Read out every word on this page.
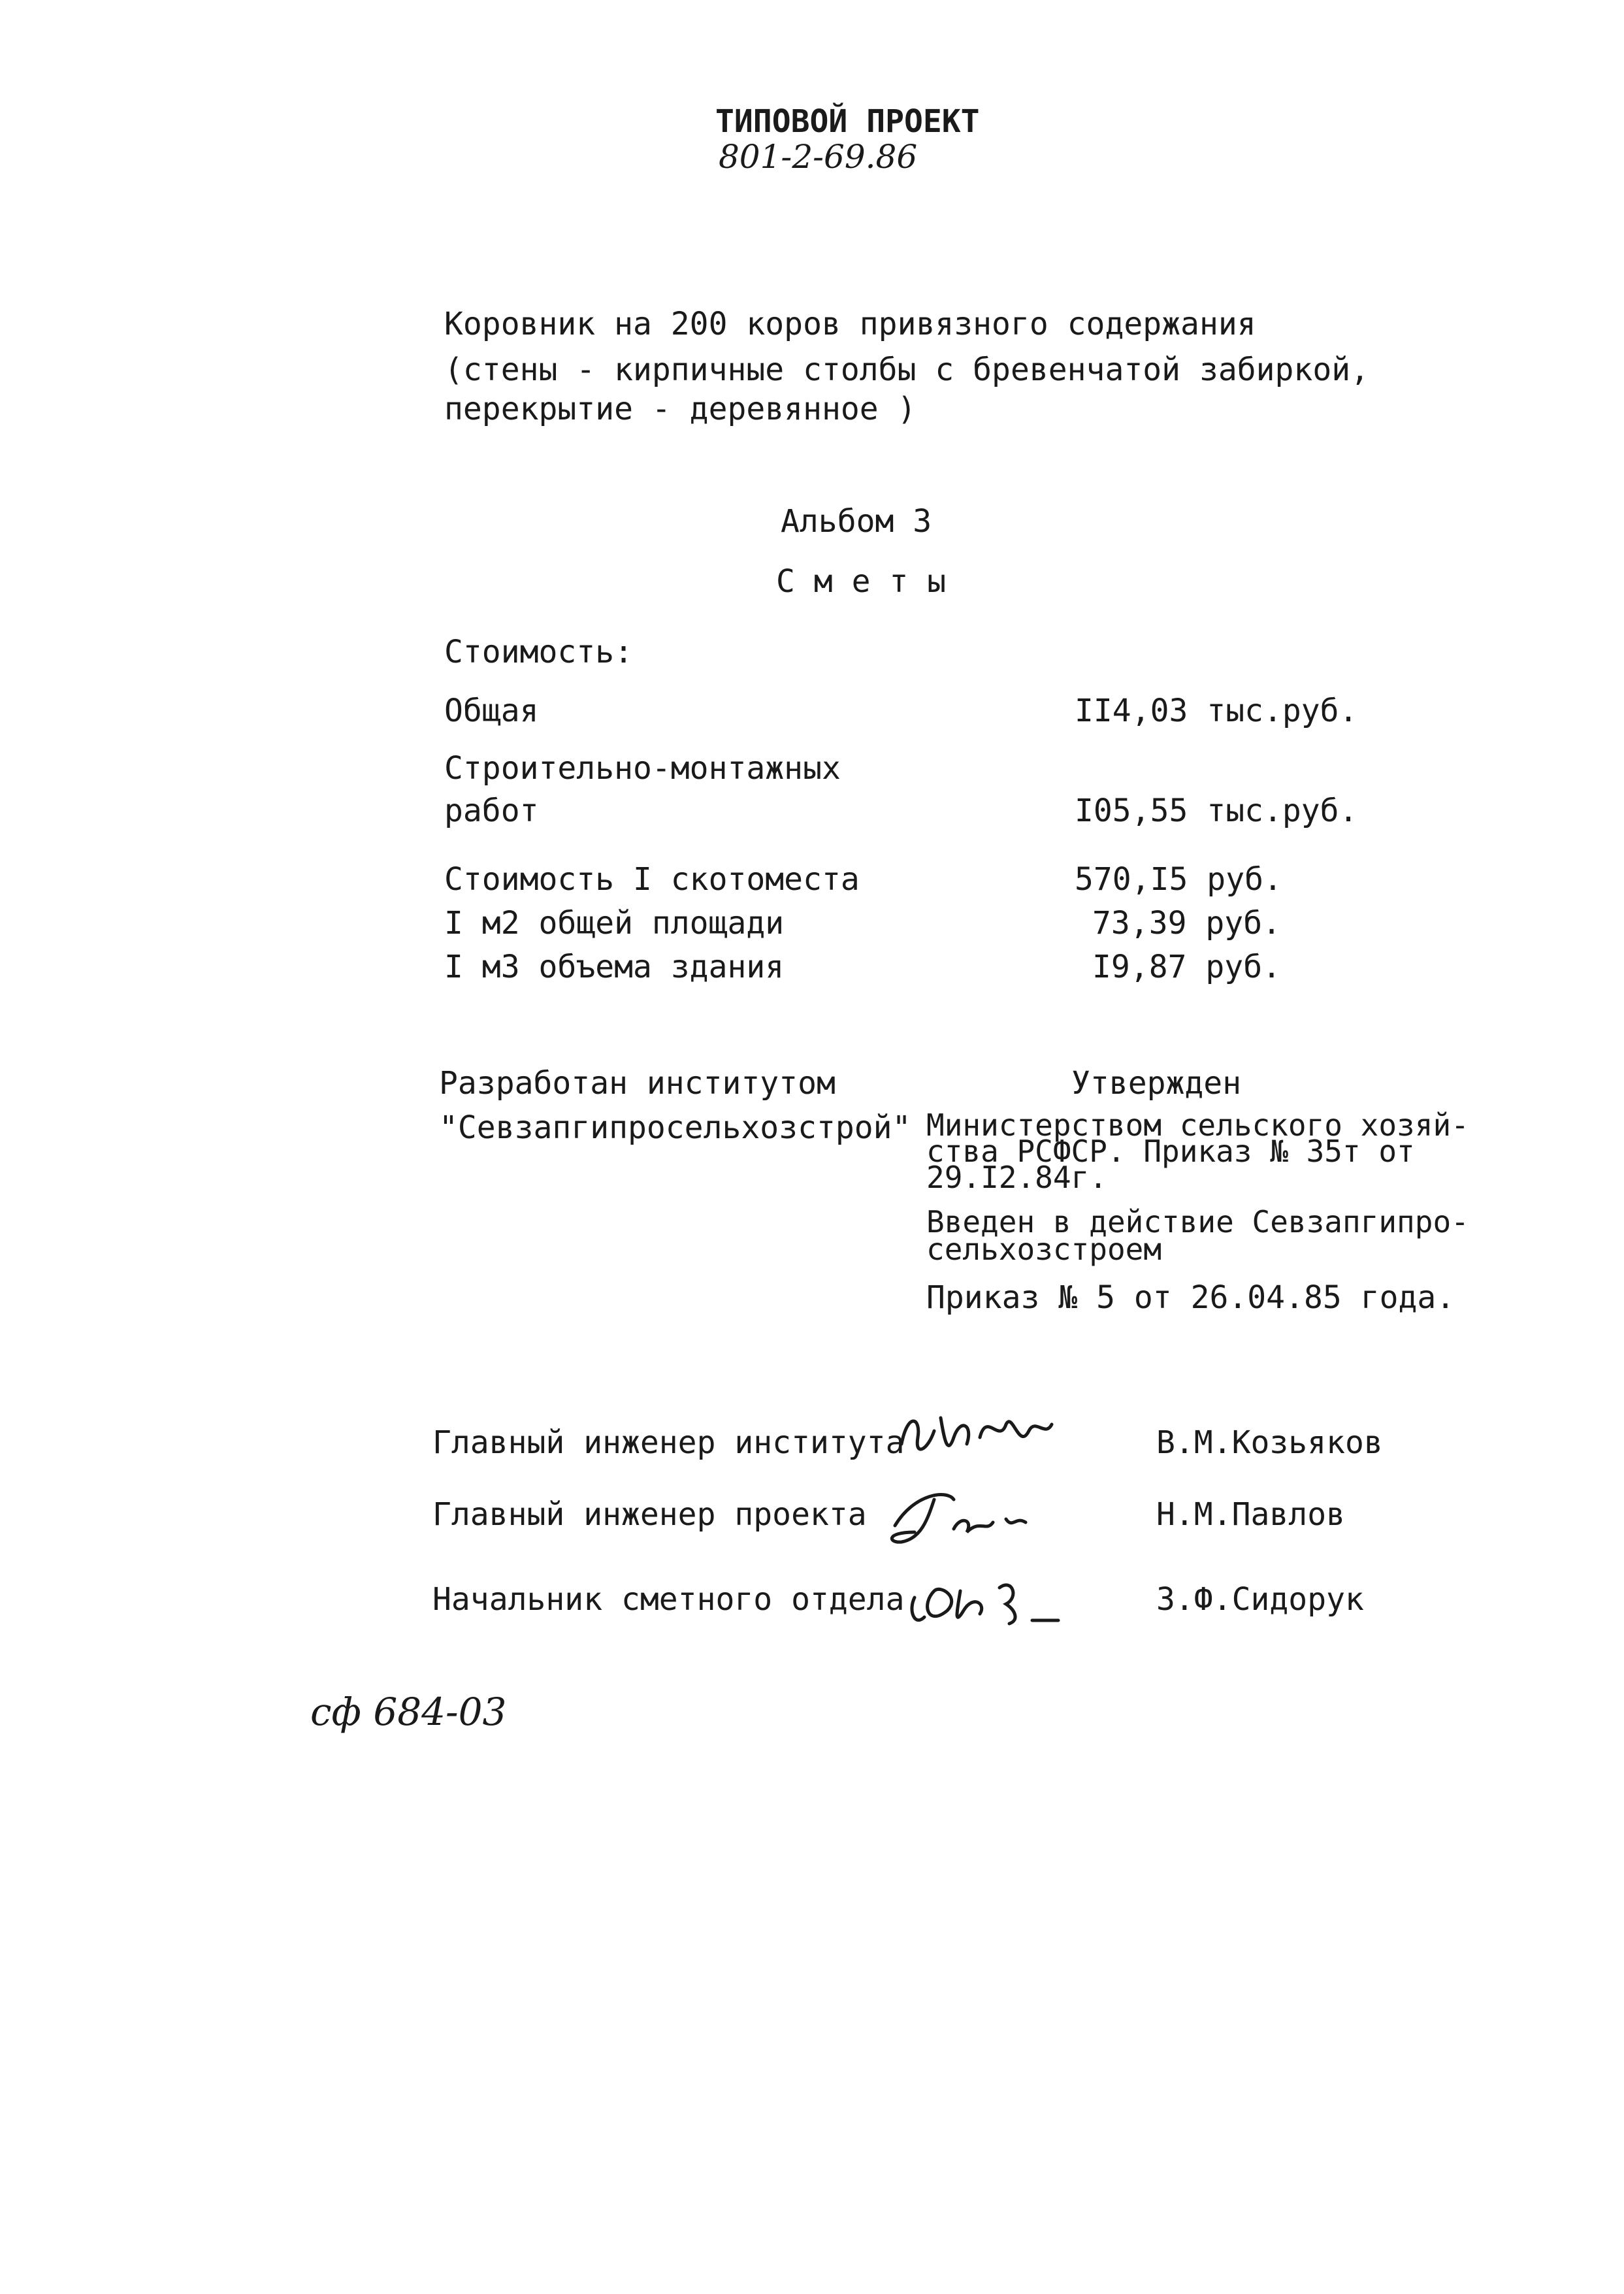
ТИПОВОЙ ПРОЕКТ
801-2-69.86
Коровник на 200 коров привязного содержания
(стены - кирпичные столбы с бревенчатой забиркой,
перекрытие - деревянное )
Альбом 3
С м е т ы
Стоимость:
Общая	II4,03 тыс.руб.
Строительно-монтажных
работ	I05,55 тыс.руб.
Стоимость I скотоместа	570,I5 руб.
I м2 общей площади	73,39 руб.
I м3 объема здания	I9,87 руб.
Разработан институтом
"Севзапгипросельхозстрой"
Утвержден
Министерством сельского хозяй-
ства РСФСР. Приказ № 35т от
29.I2.84г.
Введен в действие Севзапгипро-
сельхозстроем
Приказ № 5 от 26.04.85 года.
Главный инженер института	В.М.Козьяков
Главный инженер проекта	Н.М.Павлов
Начальник сметного отдела	З.Ф.Сидорук
сф 684-03
